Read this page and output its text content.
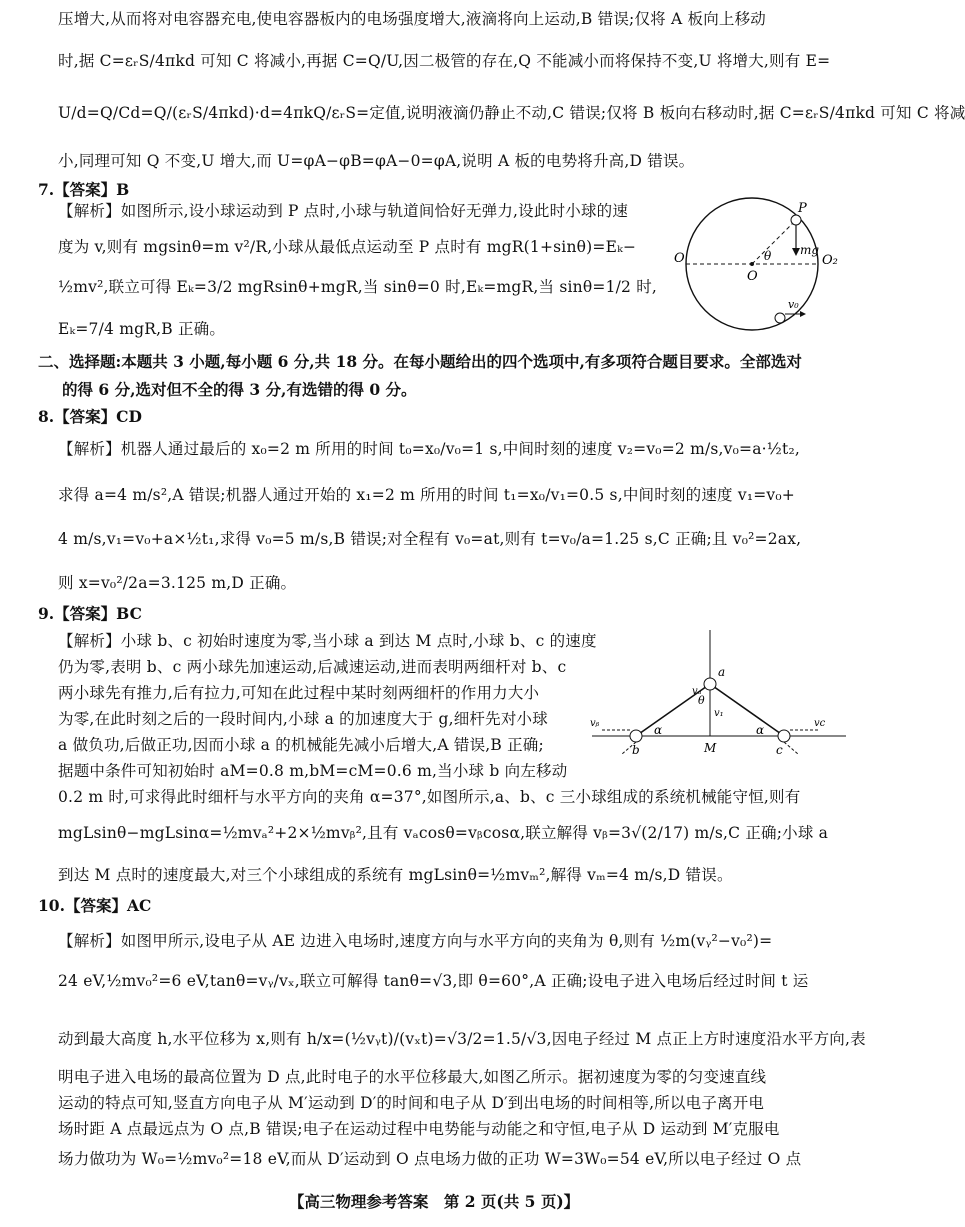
压增大,从而将对电容器充电,使电容器板内的电场强度增大,液滴将向上运动,B 错误;仅将 A 板向上移动
时,据 C=εᵣS/4πkd 可知 C 将减小,再据 C=Q/U,因二极管的存在,Q 不能减小而将保持不变,U 将增大,则有 E=
U/d=Q/Cd=Q/(εᵣS/4πkd)·d=4πkQ/εᵣS=定值,说明液滴仍静止不动,C 错误;仅将 B 板向右移动时,据 C=εᵣS/4πkd 可知 C 将减
小,同理可知 Q 不变,U 增大,而 U=φA−φB=φA−0=φA,说明 A 板的电势将升高,D 错误。
7.【答案】B
【解析】如图所示,设小球运动到 P 点时,小球与轨道间恰好无弹力,设此时小球的速
度为 v,则有 mgsinθ=m v²/R,小球从最低点运动至 P 点时有 mgR(1+sinθ)=Eₖ−
½mv²,联立可得 Eₖ=3/2 mgRsinθ+mgR,当 sinθ=0 时,Eₖ=mgR,当 sinθ=1/2 时,
Eₖ=7/4 mgR,B 正确。
P
O
O
O₂
θ mg
v₀
二、选择题:本题共 3 小题,每小题 6 分,共 18 分。在每小题给出的四个选项中,有多项符合题目要求。全部选对
的得 6 分,选对但不全的得 3 分,有选错的得 0 分。
8.【答案】CD
【解析】机器人通过最后的 x₀=2 m 所用的时间 t₀=x₀/v₀=1 s,中间时刻的速度 v₂=v₀=2 m/s,v₀=a·½t₂,
求得 a=4 m/s²,A 错误;机器人通过开始的 x₁=2 m 所用的时间 t₁=x₀/v₁=0.5 s,中间时刻的速度 v₁=v₀+
4 m/s,v₁=v₀+a×½t₁,求得 v₀=5 m/s,B 错误;对全程有 v₀=at,则有 t=v₀/a=1.25 s,C 正确;且 v₀²=2ax,
则 x=v₀²/2a=3.125 m,D 正确。
9.【答案】BC
【解析】小球 b、c 初始时速度为零,当小球 a 到达 M 点时,小球 b、c 的速度
仍为零,表明 b、c 两小球先加速运动,后减速运动,进而表明两细杆对 b、c
两小球先有推力,后有拉力,可知在此过程中某时刻两细杆的作用力大小
为零,在此时刻之后的一段时间内,小球 a 的加速度大于 g,细杆先对小球
a 做负功,后做正功,因而小球 a 的机械能先减小后增大,A 错误,B 正确;
据题中条件可知初始时 aM=0.8 m,bM=cM=0.6 m,当小球 b 向左移动
0.2 m 时,可求得此时细杆与水平方向的夹角 α=37°,如图所示,a、b、c 三小球组成的系统机械能守恒,则有
mgLsinθ−mgLsinα=½mvₐ²+2×½mvᵦ²,且有 vₐcosθ=vᵦcosα,联立解得 vᵦ=3√(2/17) m/s,C 正确;小球 a
到达 M 点时的速度最大,对三个小球组成的系统有 mgLsinθ=½mvₘ²,解得 vₘ=4 m/s,D 错误。
a
b	c
M
α	α
θ
vₐ
vᵦ	vc
v₁
10.【答案】AC
【解析】如图甲所示,设电子从 AE 边进入电场时,速度方向与水平方向的夹角为 θ,则有 ½m(vᵧ²−v₀²)=
24 eV,½mv₀²=6 eV,tanθ=vᵧ/vₓ,联立可解得 tanθ=√3,即 θ=60°,A 正确;设电子进入电场后经过时间 t 运
动到最大高度 h,水平位移为 x,则有 h/x=(½vᵧt)/(vₓt)=√3/2=1.5/√3,因电子经过 M 点正上方时速度沿水平方向,表
明电子进入电场的最高位置为 D 点,此时电子的水平位移最大,如图乙所示。据初速度为零的匀变速直线
运动的特点可知,竖直方向电子从 M′运动到 D′的时间和电子从 D′到出电场的时间相等,所以电子离开电
场时距 A 点最远点为 O 点,B 错误;电子在运动过程中电势能与动能之和守恒,电子从 D 运动到 M′克服电
场力做功为 W₀=½mv₀²=18 eV,而从 D′运动到 O 点电场力做的正功 W=3W₀=54 eV,所以电子经过 O 点
【高三物理参考答案　第 2 页(共 5 页)】
